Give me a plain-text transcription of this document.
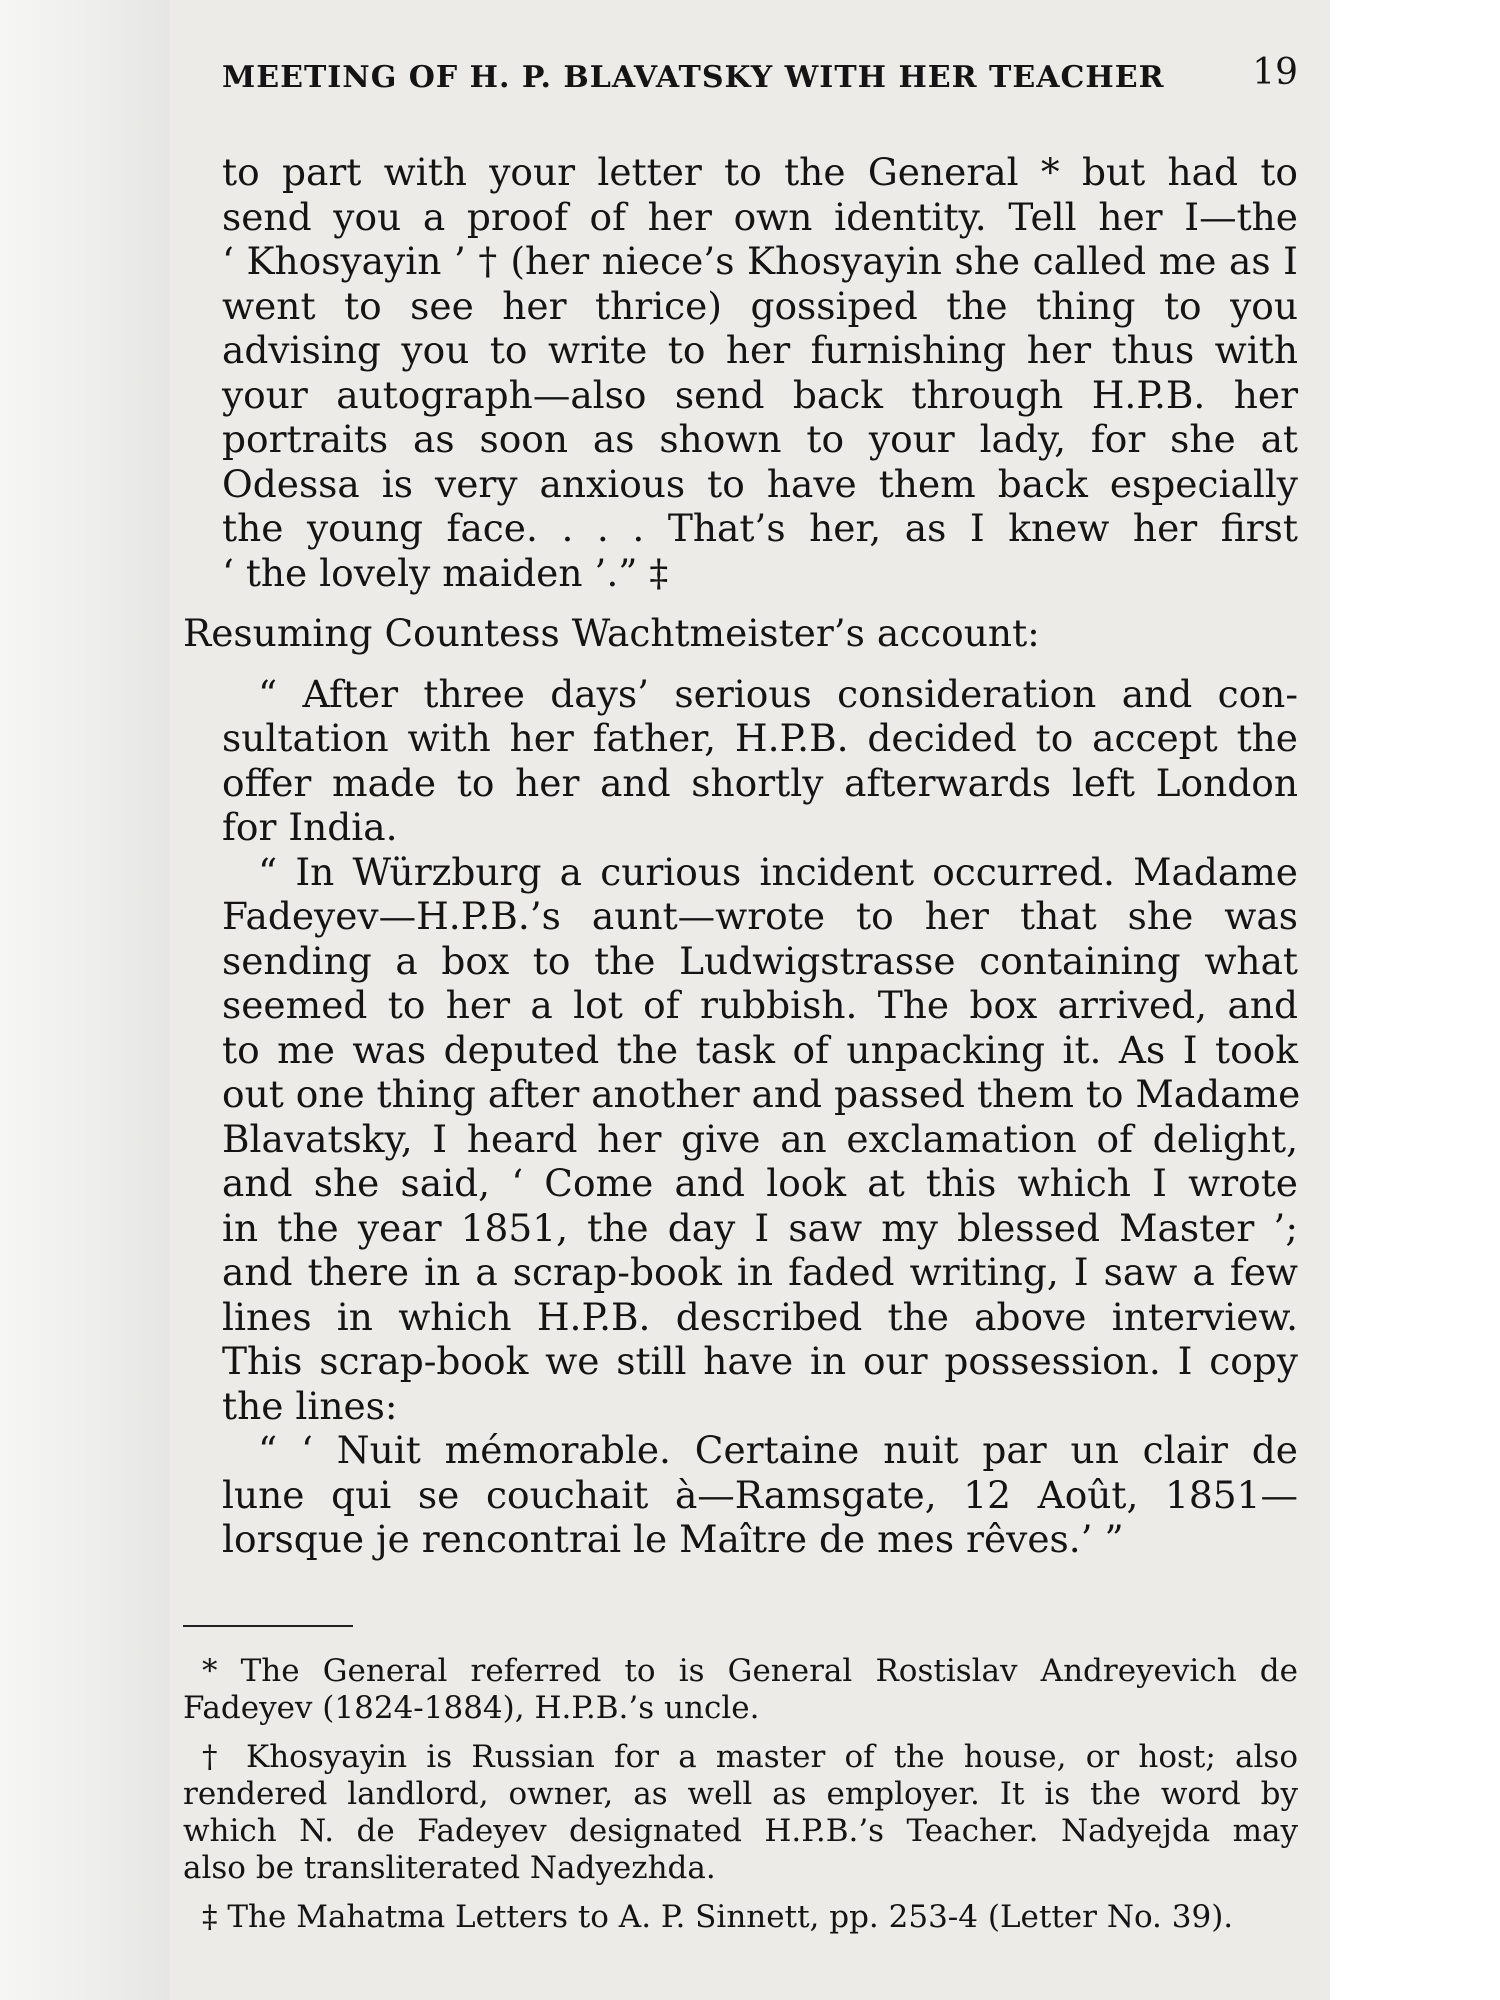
MEETING OF H. P. BLAVATSKY WITH HER TEACHER	19
to part with your letter to the General * but had to
send you a proof of her own identity. Tell her I—the
‘ Khosyayin ’ † (her niece’s Khosyayin she called me as I
went to see her thrice) gossiped the thing to you
advising you to write to her furnishing her thus with
your autograph—also send back through H.P.B. her
portraits as soon as shown to your lady, for she at
Odessa is very anxious to have them back especially
the young face. . . . That’s her, as I knew her first
‘ the lovely maiden ’.” ‡
Resuming Countess Wachtmeister’s account:
“ After three days’ serious consideration and con-
sultation with her father, H.P.B. decided to accept the
offer made to her and shortly afterwards left London
for India.
“ In Würzburg a curious incident occurred. Madame
Fadeyev—H.P.B.’s aunt—wrote to her that she was
sending a box to the Ludwigstrasse containing what
seemed to her a lot of rubbish. The box arrived, and
to me was deputed the task of unpacking it. As I took
out one thing after another and passed them to Madame
Blavatsky, I heard her give an exclamation of delight,
and she said, ‘ Come and look at this which I wrote
in the year 1851, the day I saw my blessed Master ’;
and there in a scrap-book in faded writing, I saw a few
lines in which H.P.B. described the above interview.
This scrap-book we still have in our possession. I copy
the lines:
“ ‘ Nuit mémorable. Certaine nuit par un clair de
lune qui se couchait à—Ramsgate, 12 Août, 1851—
lorsque je rencontrai le Maître de mes rêves.’ ”
* The General referred to is General Rostislav Andreyevich de
Fadeyev (1824-1884), H.P.B.’s uncle.
† Khosyayin is Russian for a master of the house, or host; also
rendered landlord, owner, as well as employer. It is the word by
which N. de Fadeyev designated H.P.B.’s Teacher. Nadyejda may
also be transliterated Nadyezhda.
‡ The Mahatma Letters to A. P. Sinnett, pp. 253-4 (Letter No. 39).
